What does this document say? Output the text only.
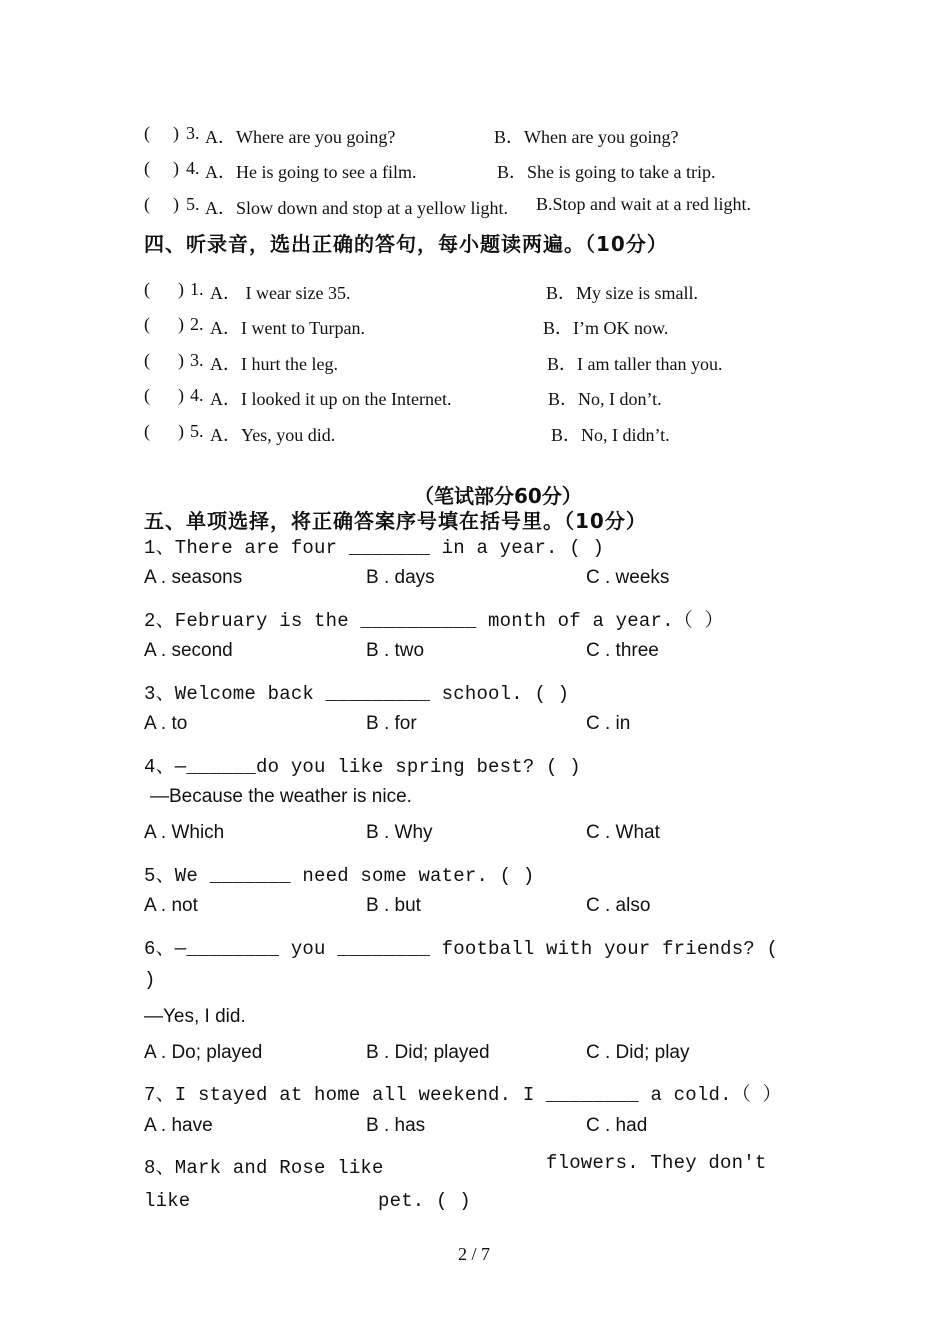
( ) 3. A．Where are you going?	B．When are you going?
( ) 4. A．He is going to see a film.	B．She is going to take a trip.
( ) 5. A．Slow down and stop at a yellow light. B.Stop and wait at a red light.
四、听录音，选出正确的答句，每小题读两遍。（10分）
( ) 1. A． I wear size 35.	B．My size is small.
( ) 2. A．I went to Turpan.	B．I’m OK now.
( ) 3. A．I hurt the leg.	B．I am taller than you.
( ) 4. A．I looked it up on the Internet.	B．No, I don’t.
( ) 5. A．Yes, you did.	B．No, I didn’t.
（笔试部分60分）
五、单项选择，将正确答案序号填在括号里。（10分）
1、There are four _______ in a year. ( )
A . seasons	B . days	C . weeks
2、February is the __________ month of a year.（ ）
A . second	B . two	C . three
3、Welcome back _________ school. ( )
A . to	B . for	C . in
4、—______do you like spring best? ( )
—Because the weather is nice.
A . Which	B . Why	C . What
5、We _______ need some water. ( )
A . not	B . but	C . also
6、—________ you ________ football with your friends? (
)
—Yes, I did.
A . Do; played	B . Did; played	C . Did; play
7、I stayed at home all weekend. I ________ a cold.（ ）
A . have	B . has	C . had
8、Mark and Rose like	flowers. They don't
like	pet. ( )
2 / 7
